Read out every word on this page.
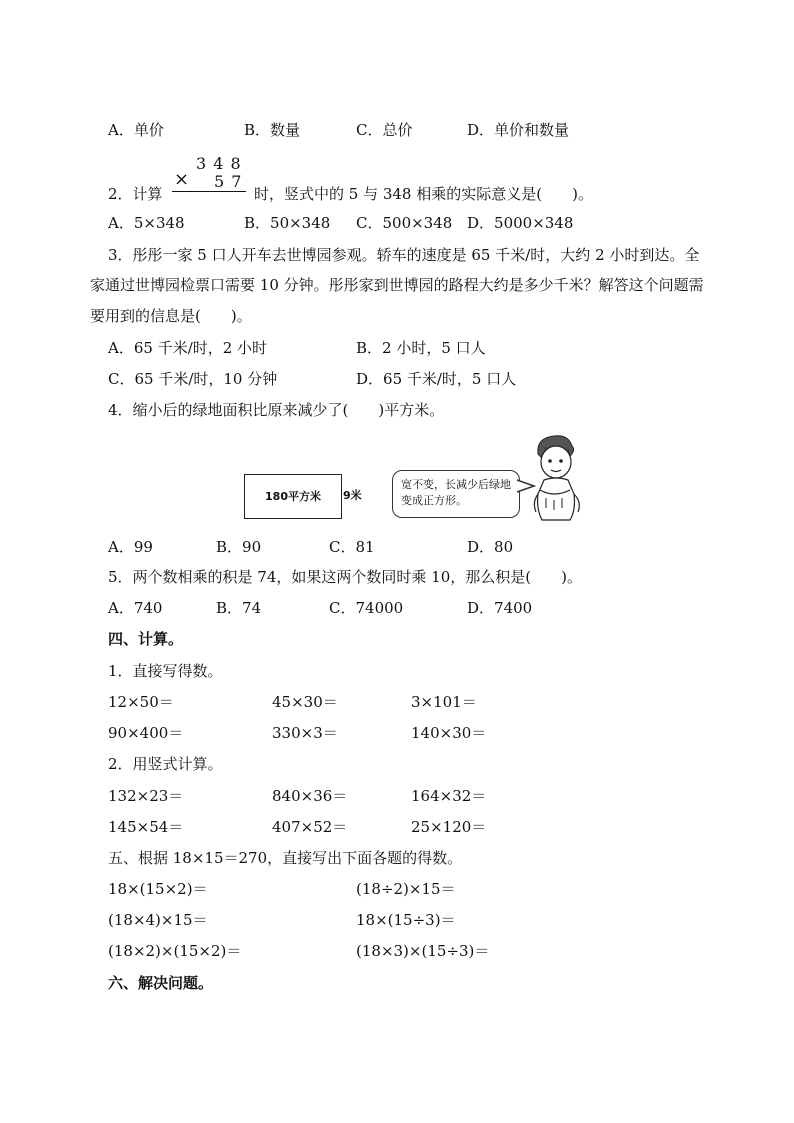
A．单价	B．数量	C．总价	D．单价和数量
2．计算
3 4 8
× 5 7
时，竖式中的 5 与 348 相乘的实际意义是(　　)。
A．5×348	B．50×348 C．500×348 D．5000×348
3．彤彤一家 5 口人开车去世博园参观。轿车的速度是 65 千米/时，大约 2 小时到达。全
家通过世博园检票口需要 10 分钟。彤彤家到世博园的路程大约是多少千米？解答这个问题需
要用到的信息是(　　)。
A．65 千米/时，2 小时	B．2 小时，5 口人
C．65 千米/时，10 分钟	D．65 千米/时，5 口人
4．缩小后的绿地面积比原来减少了(　　)平方米。
180平方米	9米
宽不变，长减少后绿地变成正方形。
A．99	B．90	C．81	D．80
5．两个数相乘的积是 74，如果这两个数同时乘 10，那么积是(　　)。
A．740	B．74	C．74000	D．7400
四、计算。
1．直接写得数。
12×50＝	45×30＝	3×101＝
90×400＝	330×3＝	140×30＝
2．用竖式计算。
132×23＝	840×36＝	164×32＝
145×54＝	407×52＝	25×120＝
五、根据 18×15＝270，直接写出下面各题的得数。
18×(15×2)＝	(18÷2)×15＝
(18×4)×15＝	18×(15÷3)＝
(18×2)×(15×2)＝	(18×3)×(15÷3)＝
六、解决问题。
